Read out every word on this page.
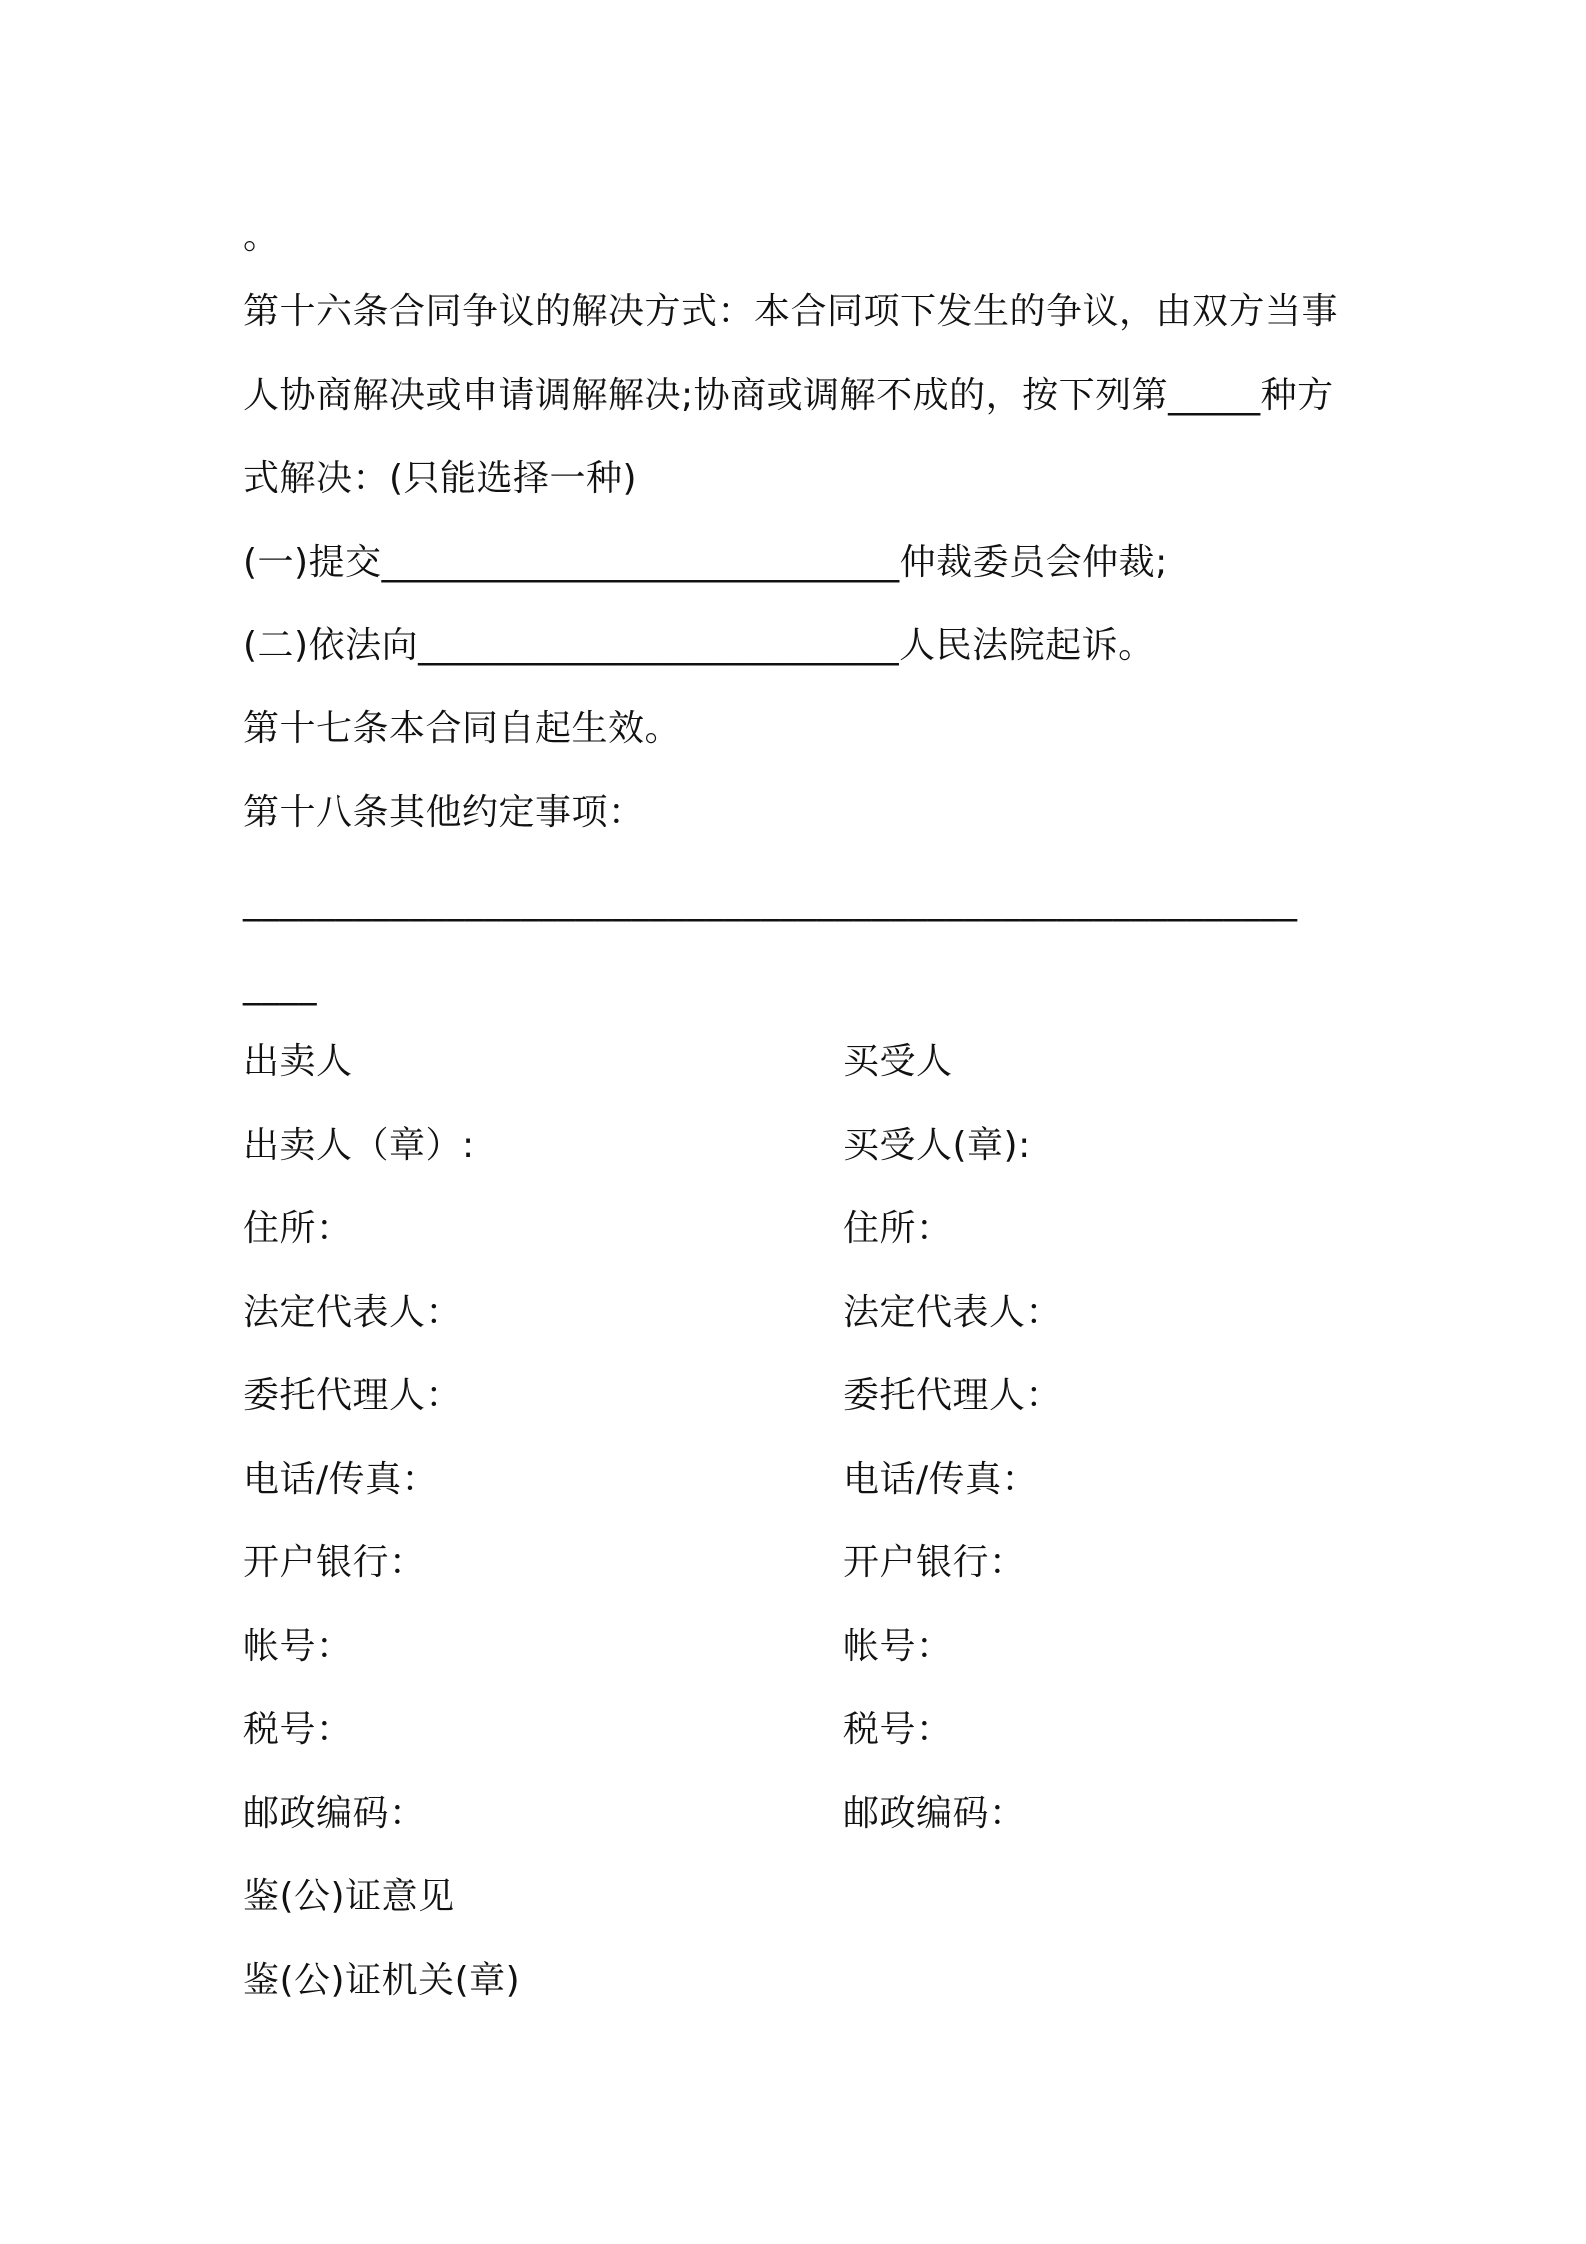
。
第十六条合同争议的解决方式：本合同项下发生的争议，由双方当事
人协商解决或申请调解解决;协商或调解不成的，按下列第_____种方
式解决：(只能选择一种)
(一)提交____________________________仲裁委员会仲裁;
(二)依法向__________________________人民法院起诉。
第十七条本合同自起生效。
第十八条其他约定事项：
_________________________________________________________
____
出卖人
出卖人（章）:
住所：
法定代表人：
委托代理人：
电话/传真：
开户银行：
帐号：
税号：
邮政编码：
买受人
买受人(章):
住所：
法定代表人：
委托代理人：
电话/传真：
开户银行：
帐号：
税号：
邮政编码：
鉴(公)证意见
鉴(公)证机关(章)
